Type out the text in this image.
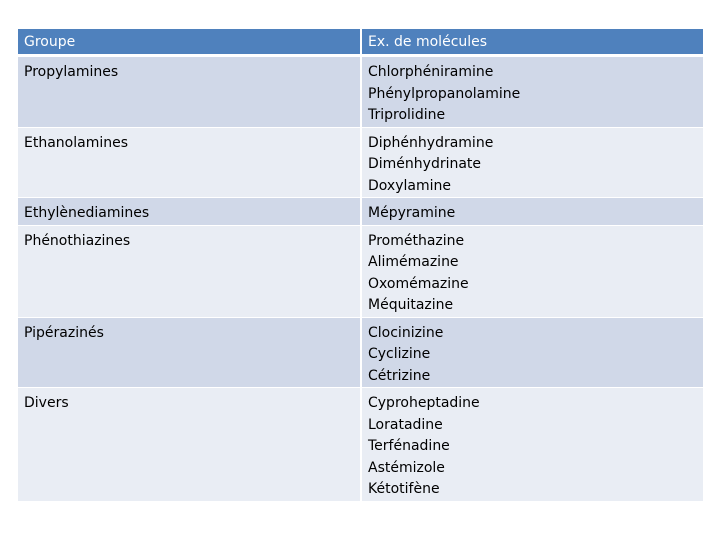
Groupe	Ex. de molécules
Propylamines	Chlorphéniramine
Phénylpropanolamine
Triprolidine

Ethanolamines	Diphénhydramine
Diménhydrinate
Doxylamine

Ethylènediamines	Mépyramine

Phénothiazines	Prométhazine
Alimémazine
Oxomémazine
Méquitazine

Pipérazinés	Clocinizine
Cyclizine
Cétrizine

Divers	Cyproheptadine
Loratadine
Terfénadine
Astémizole
Kétotifène
